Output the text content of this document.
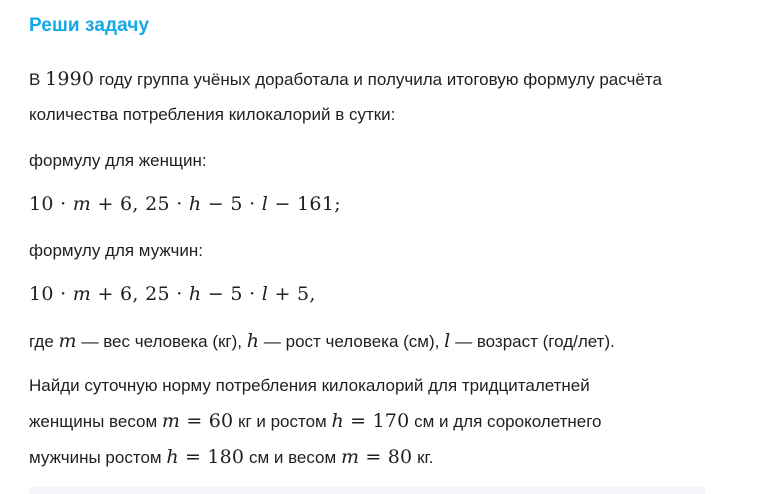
Реши задачу
В 1990 году группа учёных доработала и получила итоговую формулу расчёта
количества потребления килокалорий в сутки:
формулу для женщин:
10 · m + 6, 25 · h − 5 · l − 161;
формулу для мужчин:
10 · m + 6, 25 · h − 5 · l + 5,
где m — вес человека (кг), h — рост человека (см), l — возраст (год/лет).
Найди суточную норму потребления килокалорий для тридциталетней
женщины весом m = 60 кг и ростом h = 170 см и для сороколетнего
мужчины ростом h = 180 см и весом m = 80 кг.
